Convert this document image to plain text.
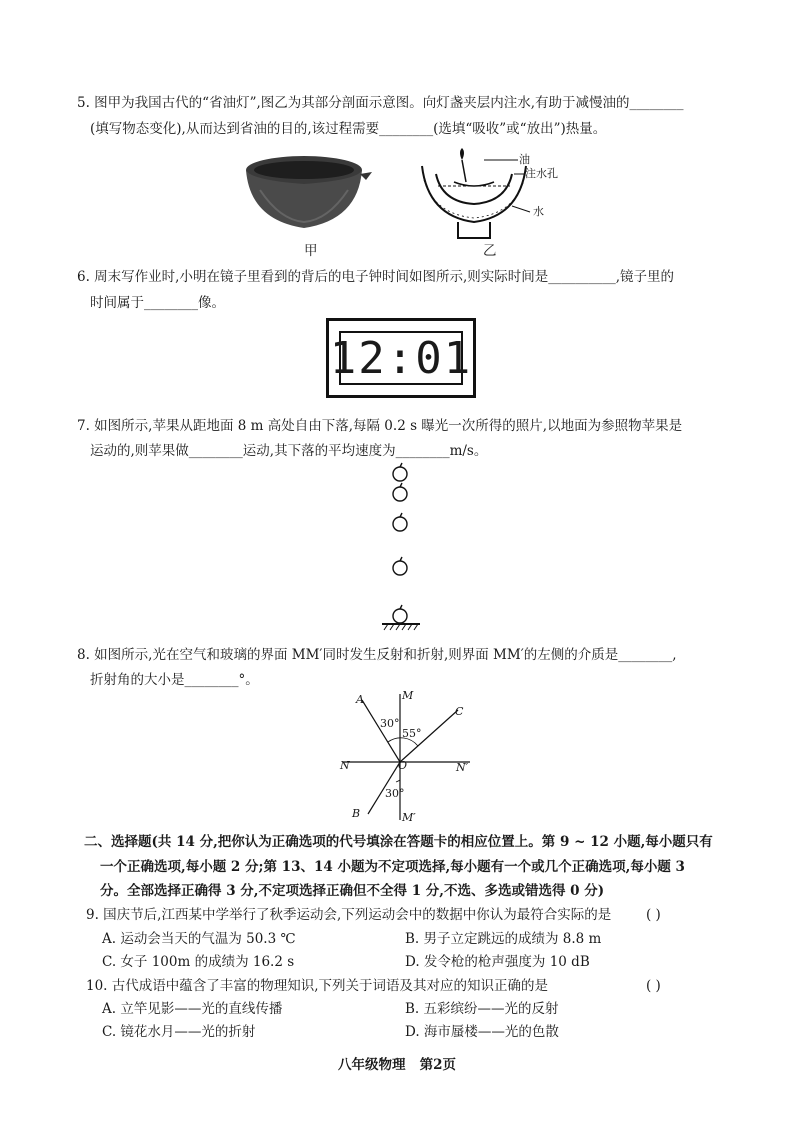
5. 图甲为我国古代的“省油灯”,图乙为其部分剖面示意图。向灯盏夹层内注水,有助于减慢油的________
(填写物态变化),从而达到省油的目的,该过程需要________(选填“吸收”或“放出”)热量。
甲
油
注水孔
水
乙
6. 周末写作业时,小明在镜子里看到的背后的电子钟时间如图所示,则实际时间是__________,镜子里的
时间属于________像。
12:01
7. 如图所示,苹果从距地面 8 m 高处自由下落,每隔 0.2 s 曝光一次所得的照片,以地面为参照物苹果是
运动的,则苹果做________运动,其下落的平均速度为________m/s。
8. 如图所示,光在空气和玻璃的界面 MM′同时发生反射和折射,则界面 MM′的左侧的介质是________,
折射角的大小是________°。
A	M
C
30°
55°
N	O	N′
30°
B	M′
二、选择题(共 14 分,把你认为正确选项的代号填涂在答题卡的相应位置上。第 9 ~ 12 小题,每小题只有
一个正确选项,每小题 2 分;第 13、14 小题为不定项选择,每小题有一个或几个正确选项,每小题 3
分。全部选择正确得 3 分,不定项选择正确但不全得 1 分,不选、多选或错选得 0 分)
9. 国庆节后,江西某中学举行了秋季运动会,下列运动会中的数据中你认为最符合实际的是	( )
A. 运动会当天的气温为 50.3 ℃	B. 男子立定跳远的成绩为 8.8 m
C. 女子 100m 的成绩为 16.2 s	D. 发令枪的枪声强度为 10 dB
10. 古代成语中蕴含了丰富的物理知识,下列关于词语及其对应的知识正确的是	( )
A. 立竿见影——光的直线传播	B. 五彩缤纷——光的反射
C. 镜花水月——光的折射	D. 海市蜃楼——光的色散
八年级物理   第2页
